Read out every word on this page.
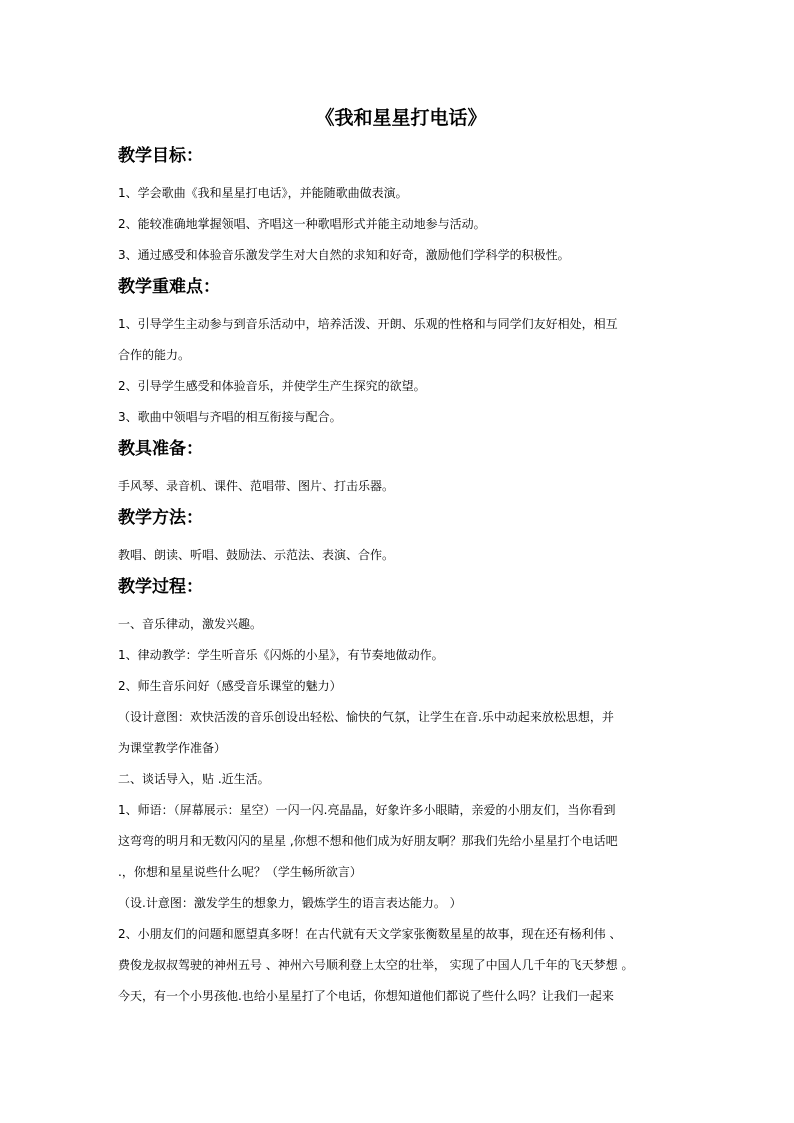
《我和星星打电话》
教学目标：

1、学会歌曲《我和星星打电话》，并能随歌曲做表演。

2、能较准确地掌握领唱、齐唱这一种歌唱形式并能主动地参与活动。

3、通过感受和体验音乐激发学生对大自然的求知和好奇，激励他们学科学的积极性。

教学重难点：

1、引导学生主动参与到音乐活动中，培养活泼、开朗、乐观的性格和与同学们友好相处，相互

合作的能力。

2、引导学生感受和体验音乐，并使学生产生探究的欲望。

3、歌曲中领唱与齐唱的相互衔接与配合。

教具准备：

手风琴、录音机、课件、范唱带、图片、打击乐器。

教学方法：

教唱、朗读、听唱、鼓励法、示范法、表演、合作。

教学过程：

一、音乐律动，激发兴趣。

1、律动教学：学生听音乐《闪烁的小星》，有节奏地做动作。

2、师生音乐问好（感受音乐课堂的魅力）

（设计意图：欢快活泼的音乐创设出轻松、愉快的气氛，让学生在音.乐中动起来放松思想，并

为课堂教学作准备）

二、谈话导入，贴 .近生活。

1、师语：（屏幕展示：星空）一闪一闪.亮晶晶，好象许多小眼睛，亲爱的小朋友们，当你看到

这弯弯的明月和无数闪闪的星星 ,你想不想和他们成为好朋友啊？那我们先给小星星打个电话吧

.，你想和星星说些什么呢？（学生畅所欲言）

（设.计意图：激发学生的想象力，锻炼学生的语言表达能力。 ）

2、小朋友们的问题和愿望真多呀！在古代就有天文学家张衡数星星的故事，现在还有杨利伟 、

费俊龙叔叔驾驶的神州五号 、神州六号顺利登上太空的壮举， 实现了中国人几千年的飞天梦想 。

今天，有一个小男孩他.也给小星星打了个电话，你想知道他们都说了些什么吗？让我们一起来
